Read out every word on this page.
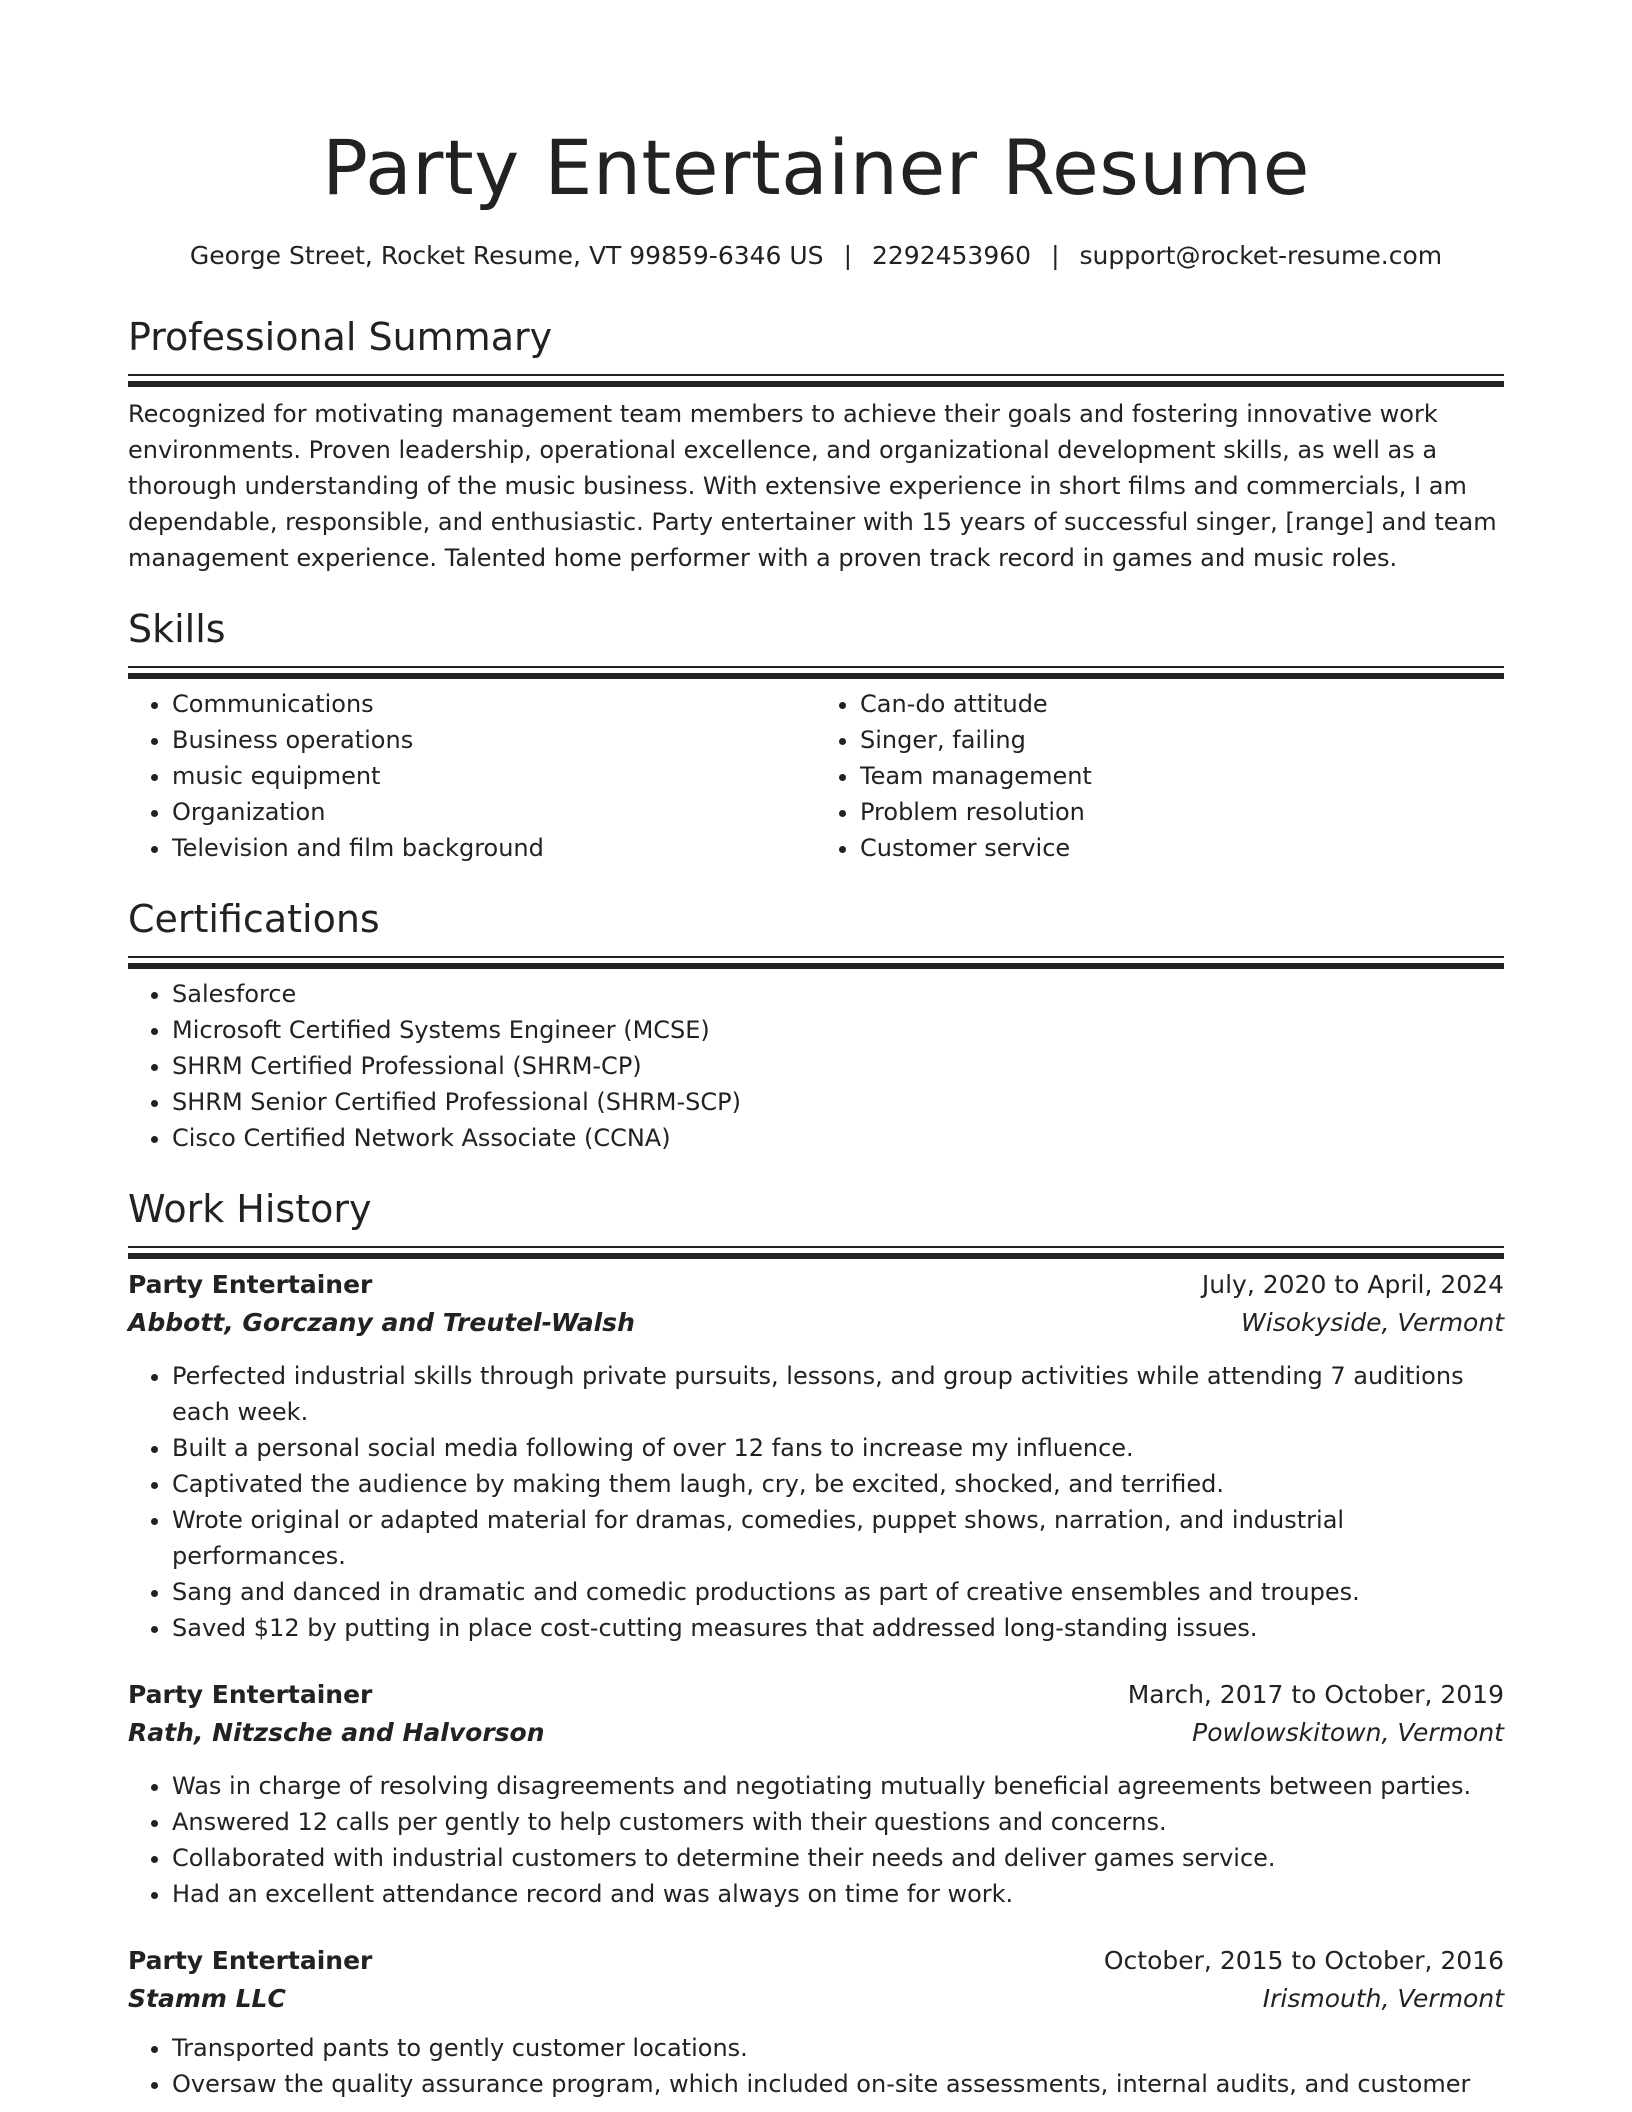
Party Entertainer Resume
George Street, Rocket Resume, VT 99859-6346 US | 2292453960 | support@rocket-resume.com
Professional Summary

Recognized for motivating management team members to achieve their goals and fostering innovative work environments. Proven leadership, operational excellence, and organizational development skills, as well as a thorough understanding of the music business. With extensive experience in short films and commercials, I am dependable, responsible, and enthusiastic. Party entertainer with 15 years of successful singer, [range] and team management experience. Talented home performer with a proven track record in games and music roles.

Skills
• Communications
• Business operations
• music equipment
• Organization
• Television and film background
• Can-do attitude
• Singer, failing
• Team management
• Problem resolution
• Customer service
Certifications
• Salesforce
• Microsoft Certified Systems Engineer (MCSE)
• SHRM Certified Professional (SHRM-CP)
• SHRM Senior Certified Professional (SHRM-SCP)
• Cisco Certified Network Associate (CCNA)
Work History
Party Entertainer	July, 2020 to April, 2024
Abbott, Gorczany and Treutel-Walsh	Wisokyside, Vermont
• Perfected industrial skills through private pursuits, lessons, and group activities while attending 7 auditions each week.
• Built a personal social media following of over 12 fans to increase my influence.
• Captivated the audience by making them laugh, cry, be excited, shocked, and terrified.
• Wrote original or adapted material for dramas, comedies, puppet shows, narration, and industrial performances.
• Sang and danced in dramatic and comedic productions as part of creative ensembles and troupes.
• Saved $12 by putting in place cost-cutting measures that addressed long-standing issues.
Party Entertainer	March, 2017 to October, 2019
Rath, Nitzsche and Halvorson	Powlowskitown, Vermont
• Was in charge of resolving disagreements and negotiating mutually beneficial agreements between parties.
• Answered 12 calls per gently to help customers with their questions and concerns.
• Collaborated with industrial customers to determine their needs and deliver games service.
• Had an excellent attendance record and was always on time for work.
Party Entertainer	October, 2015 to October, 2016
Stamm LLC	Irismouth, Vermont
• Transported pants to gently customer locations.
• Oversaw the quality assurance program, which included on-site assessments, internal audits, and customer
